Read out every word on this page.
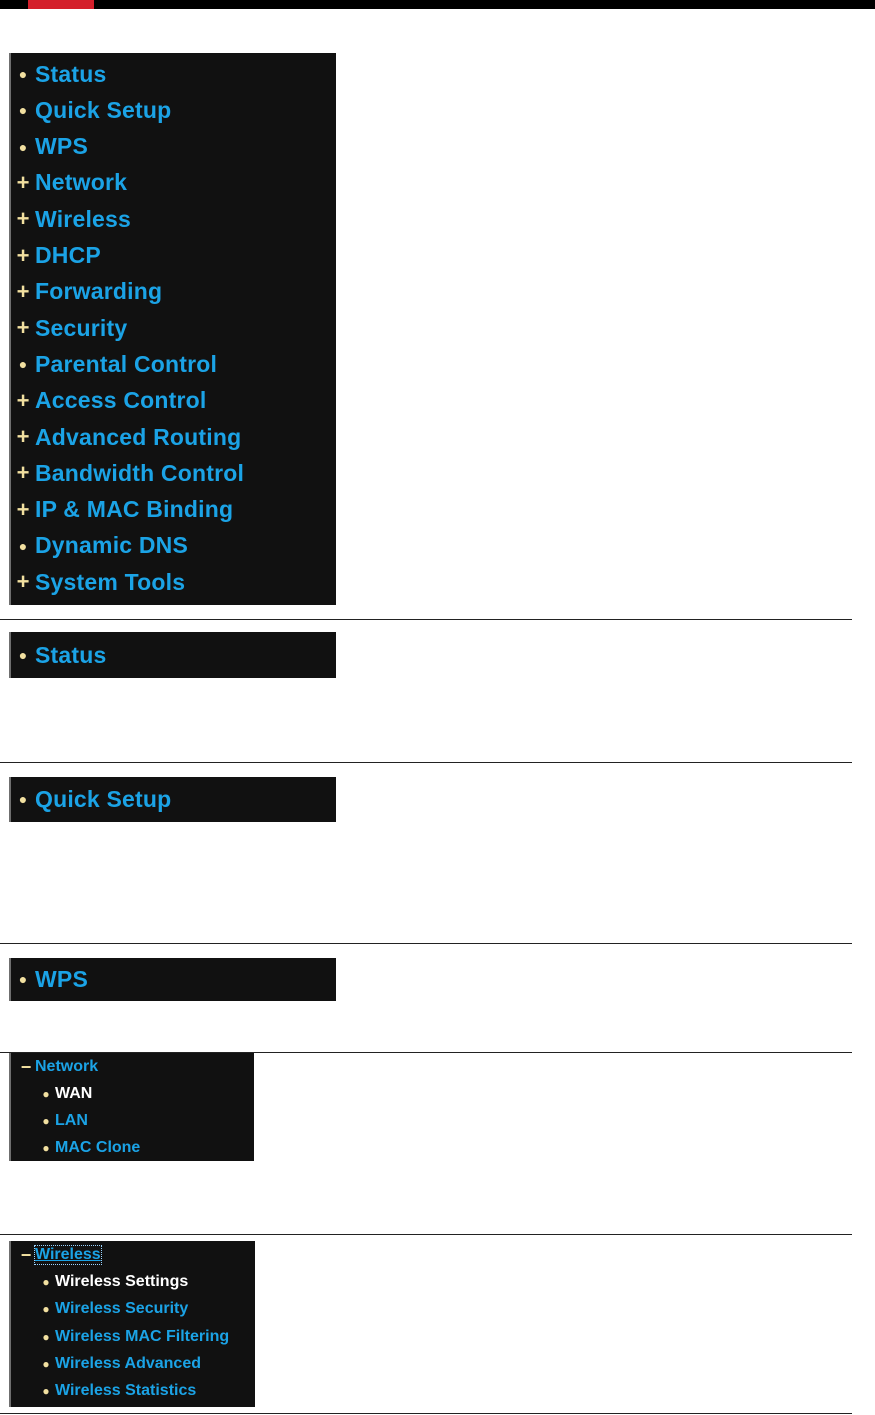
● Status
● Quick Setup
● WPS
+ Network
+ Wireless
+ DHCP
+ Forwarding
+ Security
● Parental Control
+ Access Control
+ Advanced Routing
+ Bandwidth Control
+ IP & MAC Binding
● Dynamic DNS
+ System Tools
● Status
● Quick Setup
● WPS
− Network
● WAN
● LAN
● MAC Clone
− Wireless
● Wireless Settings
● Wireless Security
● Wireless MAC Filtering
● Wireless Advanced
● Wireless Statistics
